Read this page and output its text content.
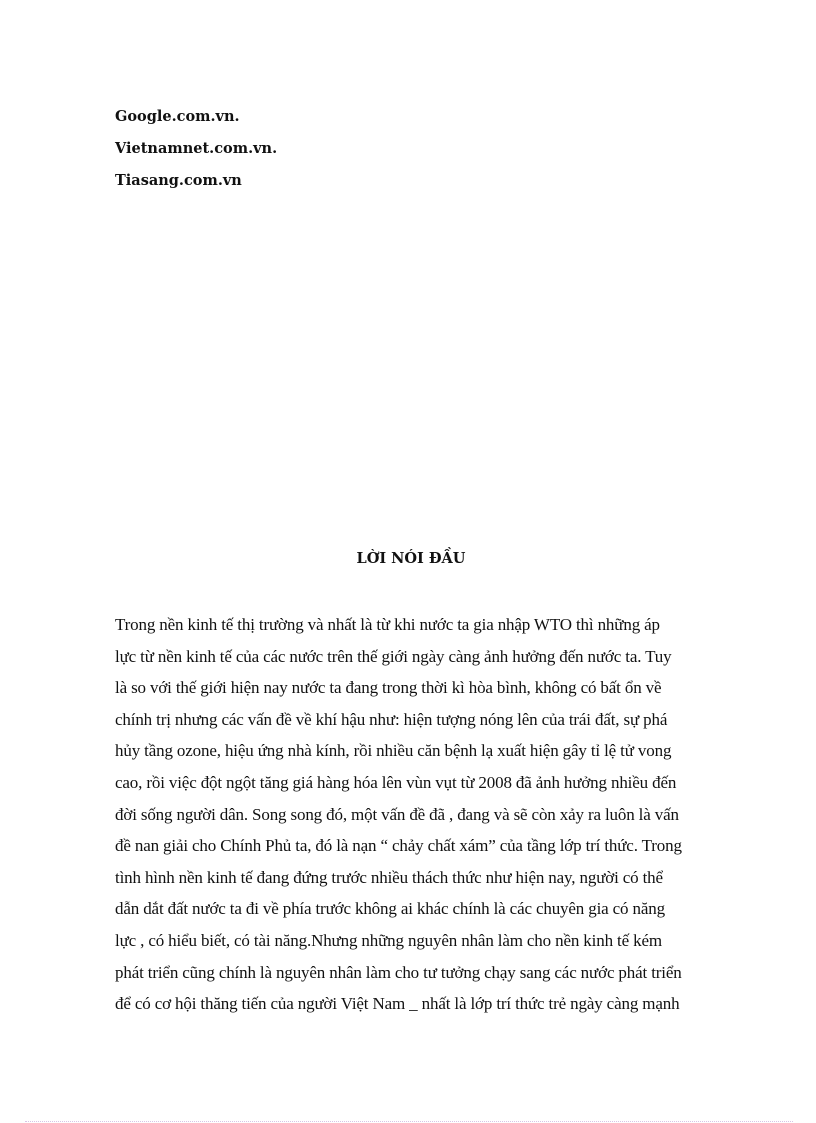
Google.com.vn.
Vietnamnet.com.vn.
Tiasang.com.vn
LỜI NÓI ĐẦU
Trong nền kinh tế thị trường và nhất là từ khi nước ta gia nhập WTO thì những áp
lực từ nền kinh tế của các nước trên thế giới ngày càng ảnh hưởng đến nước ta. Tuy
là so với thế giới hiện nay nước ta đang trong thời kì hòa bình, không có bất ổn về
chính trị nhưng các vấn đề về khí hậu như: hiện tượng nóng lên của trái đất, sự phá
hủy tầng ozone, hiệu ứng nhà kính, rồi nhiều căn bệnh lạ xuất hiện gây tỉ lệ tử vong
cao, rồi việc đột ngột tăng giá hàng hóa lên vùn vụt từ 2008 đã ảnh hưởng nhiều đến
đời sống người dân. Song song đó, một vấn đề đã , đang và sẽ còn xảy ra luôn là vấn
đề nan giải cho Chính Phủ ta, đó là nạn “ chảy chất xám” của tầng lớp trí thức. Trong
tình hình nền kinh tế đang đứng trước nhiều thách thức như hiện nay, người có thể
dẫn dắt đất nước ta đi về phía trước không ai khác chính là các chuyên gia có năng
lực , có hiểu biết, có tài năng.Nhưng những nguyên nhân làm cho nền kinh tế kém
phát triển cũng chính là nguyên nhân làm cho tư tưởng chạy sang các nước phát triển
để có cơ hội thăng tiến của người Việt Nam _ nhất là lớp trí thức trẻ ngày càng mạnh
